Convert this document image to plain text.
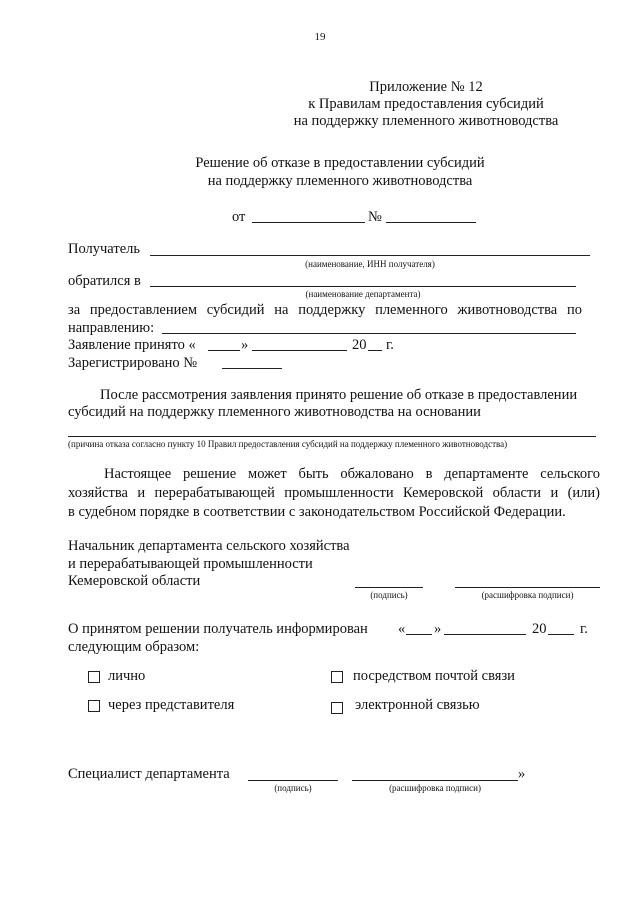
19
Приложение № 12
к Правилам предоставления субсидий
на поддержку племенного животноводства
Решение об отказе в предоставлении субсидий
на поддержку племенного животноводства
от	№
Получатель
(наименование, ИНН получателя)
обратился в
(наименование департамента)
за предоставлением субсидий на поддержку племенного животноводства по
направлению:
Заявление принято «	»	20 г.
Зарегистрировано №
После рассмотрения заявления принято решение об отказе в предоставлении
субсидий на поддержку племенного животноводства на основании
(причина отказа согласно пункту 10 Правил предоставления субсидий на поддержку племенного животноводства)
Настоящее решение может быть обжаловано в департаменте сельского
хозяйства и перерабатывающей промышленности Кемеровской области и (или)
в судебном порядке в соответствии с законодательством Российской Федерации.
Начальник департамента сельского хозяйства
и перерабатывающей промышленности
Кемеровской области
(подпись)	(расшифровка подписи)
О принятом решении получатель информирован « »	20 г.
следующим образом:
лично	посредством почтой связи
через представителя	электронной связью
Специалист департамента
(подпись)
»
(расшифровка подписи)
